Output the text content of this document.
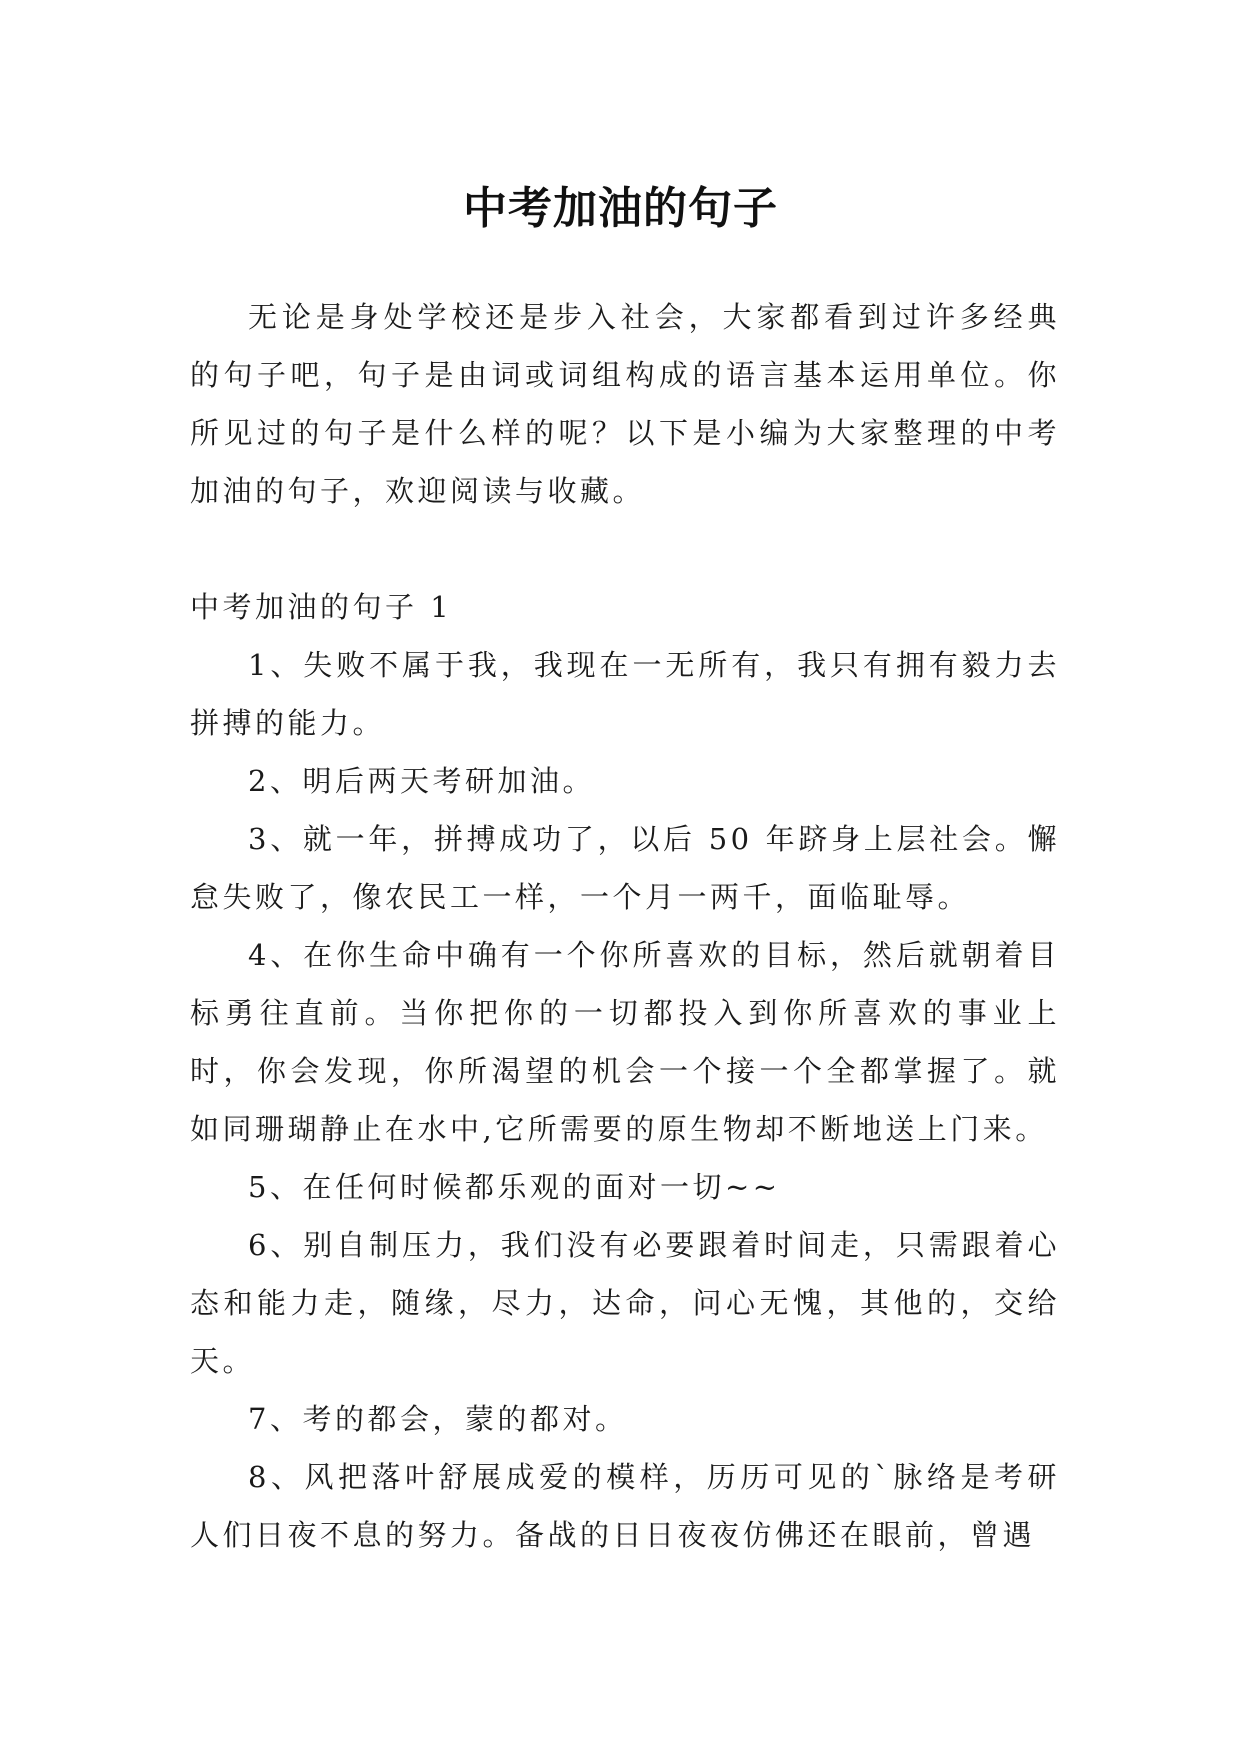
中考加油的句子

无论是身处学校还是步入社会，大家都看到过许多经典的句子吧，句子是由词或词组构成的语言基本运用单位。你所见过的句子是什么样的呢？以下是小编为大家整理的中考加油的句子，欢迎阅读与收藏。

中考加油的句子 1

1、失败不属于我，我现在一无所有，我只有拥有毅力去拼搏的能力。

2、明后两天考研加油。

3、就一年，拼搏成功了，以后 50 年跻身上层社会。懈怠失败了，像农民工一样，一个月一两千，面临耻辱。

4、在你生命中确有一个你所喜欢的目标，然后就朝着目标勇往直前。当你把你的一切都投入到你所喜欢的事业上时，你会发现，你所渴望的机会一个接一个全都掌握了。就如同珊瑚静止在水中,它所需要的原生物却不断地送上门来。

5、在任何时候都乐观的面对一切~~

6、别自制压力，我们没有必要跟着时间走，只需跟着心态和能力走，随缘，尽力，达命，问心无愧，其他的，交给天。

7、考的都会，蒙的都对。

8、风把落叶舒展成爱的模样，历历可见的`脉络是考研人们日夜不息的努力。备战的日日夜夜仿佛还在眼前，曾遇
